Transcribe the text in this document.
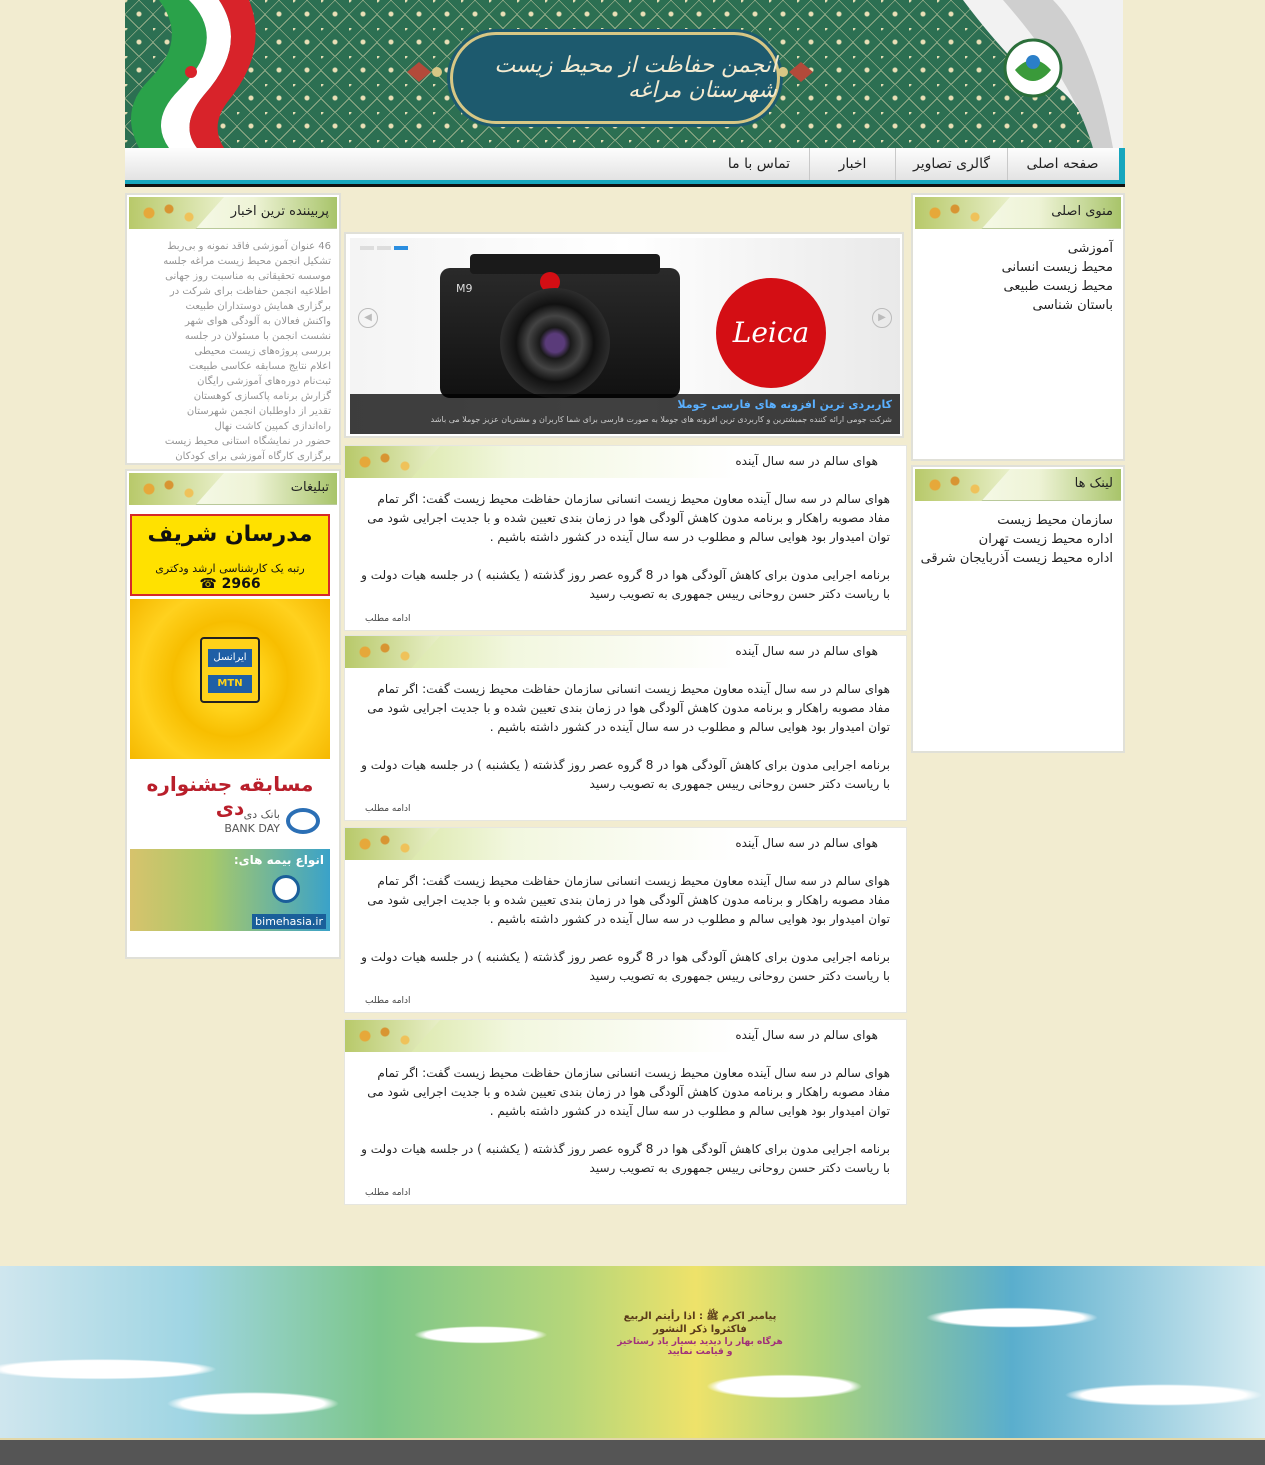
انجمن حفاظت از محیط زیست شهرستان مراغه
صفحه اصلی
گالری تصاویر
اخبار
تماس با ما
پربیننده ترین اخبار

46 عنوان آموزشی فاقد نمونه و بی‌ربط

تشکیل انجمن محیط زیست مراغه جلسه

موسسه تحقیقاتی به مناسبت روز جهانی

اطلاعیه انجمن حفاظت برای شرکت در

برگزاری همایش دوستداران طبیعت

واکنش فعالان به آلودگی هوای شهر

نشست انجمن با مسئولان در جلسه

بررسی پروژه‌های زیست محیطی

اعلام نتایج مسابقه عکاسی طبیعت

ثبت‌نام دوره‌های آموزشی رایگان

گزارش برنامه پاکسازی کوهستان

تقدیر از داوطلبان انجمن شهرستان

راه‌اندازی کمپین کاشت نهال

حضور در نمایشگاه استانی محیط زیست

برگزاری کارگاه آموزشی برای کودکان

تبلیغات
مدرسان شریف
رتبه یک کارشناسی ارشد ودکتری
☎ 2966
ایرانسل
MTN
مسابقه جشنواره دی بانک دی
BANK DAY
انواع بیمه های:
bimehasia.ir
منوی اصلی
آموزشی
محیط زیست انسانی
محیط زیست طبیعی
باستان شناسی
لینک ها
سازمان محیط زیست
اداره محیط زیست تهران
اداره محیط زیست آذربایجان شرقی
◀
M9
Leica	▶
کاربردی ترین افزونه های فارسی جوملا
شرکت جومی ارائه کننده جمبشترین و کاربردی ترین افزونه های جوملا به صورت فارسی برای شما کاربران و مشتریان عزیز جوملا می باشد
هوای سالم در سه سال آینده

هوای سالم در سه سال آینده معاون محیط زیست انسانی سازمان حفاظت محیط زیست گفت: اگر تمام مفاد مصوبه راهکار و برنامه مدون کاهش آلودگی هوا در زمان بندی تعیین شده و با جدیت اجرایی شود می توان امیدوار بود هوایی سالم و مطلوب در سه سال آینده در کشور داشته باشیم .

برنامه اجرایی مدون برای کاهش آلودگی هوا در 8 گروه عصر روز گذشته ( یکشنبه ) در جلسه هیات دولت و با ریاست دکتر حسن روحانی رییس جمهوری به تصویب رسید

ادامه مطلب
هوای سالم در سه سال آینده

هوای سالم در سه سال آینده معاون محیط زیست انسانی سازمان حفاظت محیط زیست گفت: اگر تمام مفاد مصوبه راهکار و برنامه مدون کاهش آلودگی هوا در زمان بندی تعیین شده و با جدیت اجرایی شود می توان امیدوار بود هوایی سالم و مطلوب در سه سال آینده در کشور داشته باشیم .

برنامه اجرایی مدون برای کاهش آلودگی هوا در 8 گروه عصر روز گذشته ( یکشنبه ) در جلسه هیات دولت و با ریاست دکتر حسن روحانی رییس جمهوری به تصویب رسید

ادامه مطلب
هوای سالم در سه سال آینده

هوای سالم در سه سال آینده معاون محیط زیست انسانی سازمان حفاظت محیط زیست گفت: اگر تمام مفاد مصوبه راهکار و برنامه مدون کاهش آلودگی هوا در زمان بندی تعیین شده و با جدیت اجرایی شود می توان امیدوار بود هوایی سالم و مطلوب در سه سال آینده در کشور داشته باشیم .

برنامه اجرایی مدون برای کاهش آلودگی هوا در 8 گروه عصر روز گذشته ( یکشنبه ) در جلسه هیات دولت و با ریاست دکتر حسن روحانی رییس جمهوری به تصویب رسید

ادامه مطلب
هوای سالم در سه سال آینده

هوای سالم در سه سال آینده معاون محیط زیست انسانی سازمان حفاظت محیط زیست گفت: اگر تمام مفاد مصوبه راهکار و برنامه مدون کاهش آلودگی هوا در زمان بندی تعیین شده و با جدیت اجرایی شود می توان امیدوار بود هوایی سالم و مطلوب در سه سال آینده در کشور داشته باشیم .

برنامه اجرایی مدون برای کاهش آلودگی هوا در 8 گروه عصر روز گذشته ( یکشنبه ) در جلسه هیات دولت و با ریاست دکتر حسن روحانی رییس جمهوری به تصویب رسید

ادامه مطلب
پیامبر اکرم ﷺ : اذا رأیتم الربیع فاکثروا ذکر النشور
هرگاه بهار را دیدید بسیار یاد رستاخیز و قیامت نمایید
